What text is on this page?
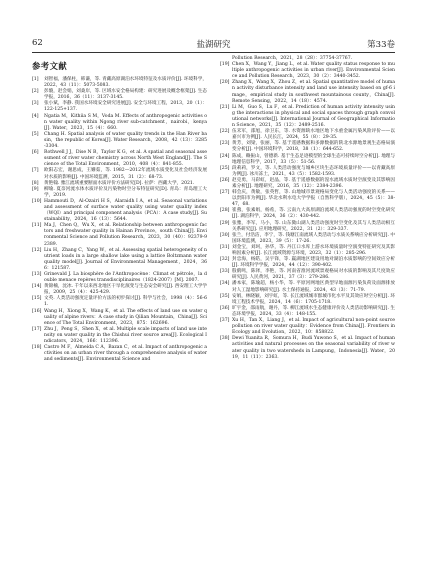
62	盐湖研究	第33卷
参考文献
[1] 刘智福，潘保柱，韩谦，等. 青藏高原湖泊水环境特征及水质评价[J]. 环境科学，2022，43（11）：5073-5083.
[2] 彭璇，赵会娟，刘桑岸，等. 区域水安全格局构建：研究进展及概念框架[J]. 生态学报，2016，36（11）：3137-3145.
[3] 张小斌，李静. 我国水环境安全研究进展[J]. 安全与环境工程，2013，20（1）：122-125+137.
[4] Ngatia M，Kithiia S M，Voda M. Effects of anthropogenic activities on water quality within Ngong river sub-catchment，nairobi，kenya[J]. Water，2023，15（4）：660.
[5] Chang H. Spatial analysis of water quality trends in the Han River basin，the republic of Korea[J]. Water Research，2008，42（13）：3285-3304.
[6] Rothwell J J，Dise N B，Taylor K G，et al. A spatial and seasonal assessment of river water chemistry across North West England[J]. The Science of the Total Environment，2010，408（4）：841-855.
[7] 欧阳志宏，谢思成，王姗茹，等. 1982—2012年流域水质变化及社会经济发展对水质的影响[J]. 中国环境监测，2015，31（2）：68-73.
[8] 黄艳翰. 雅江流域重要断面水质评价方法研究[D]. 拉萨：西藏大学，2021.
[9] 柳瑜. 夏奈河流水体水质评价及污染物时空分布特征研究[D]. 青岛：青岛理工大学，2019.
[10] Hammouti D，Al-Ozairi H S，Alaraidh I A，et al. Seasonal variations and assessment of surface water quality using water quality index（WQI）and principal component analysis（PCA）：A case study[J]. Sustainability，2024，16（13）：5644.
[11] Ma J，Chen Q，Wu X，et al. Relationship between anthropogenic factors and freshwater quality in Hainan Province，south China[J]. Environmental Science and Pollution Research，2023，30（40）：92379-92389.
[12] Liu H，Zhang C，Yang W，et al. Assessing spatial heterogeneity of nutrient loads in a large shallow lake using a lattice Boltzmann water quality model[J]. Journal of Environmental Management，2024，366：121587.
[13] Grinevald J. La biosphère de l'Anthropocène：Climat et pétrole，la double menace repères transdisciplinaires（1824-2007）[M]. 2007.
[14] 黄锦楠，沈冰. 千年以来西北地区干旱化演变与生态安全研究[J]. 西安理工大学学报，2009，25（4）：425-429.
[15] 文英. 人类活动强度定量评价方法的初步探讨[J]. 科学与社会，1998（4）：56-61.
[16] Wang H，Xiong X，Wang K，et al. The effects of land use on water quality of alpine rivers：A case study in Qilian Mountain，China[J]. Science of The Total Environment，2023，875：162696.
[17] Zhu J，Peng S，Shen X，et al. Multiple scale impacts of land use intensity on water quality in the Chishui river source area[J]. Ecological Indicators，2024，166：112396.
[18] Castro M F，Almeida C A，Bazan C，et al. Impact of anthropogenic activities on an urban river through a comprehensive analysis of water and sediments[J]. Environmental Science and
Pollution Research，2021，28（28）：37754-37767.
[19] Chen X，Wang Y，Jiang L，et al. Water quality status response to multiple anthropogenic activities in urban river[J]. Environmental Science and Pollution Research，2023，30（2）：3440-3452.
[20] Zhang X，Wang X，Zhou Z，et al. Spatial quantitative model of human activity disturbance intensity and land use intensity based on gf-6 image，empirical study in southwest mountainous county，China[J]. Remote Sensing，2022，14（18）：4574.
[21] Li M，Guo S，Lu F，et al. Prediction of human activity intensity using the interactions in physical and social spaces through graph convolutional networks[J]. International Journal of Geographical Information Science，2021，35（12）：2489-2516.
[22] 伍禾军，邵旭，徐卫东，等. 水资源缺水地区地下水重金属污染风险评价——以嘉兴市为例[J]. 人民长江，2024，55（8）：29-35.
[23] 黄芳，刘梁，张丽，等. 基于遥感数据和多源数据的陕北水源地景观生态格局演变分析[J]. 中国环境科学，2018，38（1）：644-652.
[24] 陈成，赖振山，曾德新. 基于生态足迹模型的全球生态可持续时空分析[J]. 地理与地理信息科学，2017，33（5）：51-56.
[25] 段莉莉，罗文，等. 人类活动强度与城乡区块生态环境质量评价——以青藏高原为例[J]. 冰川冻土，2021，43（5）：1582-1593.
[26] 赵克勇，马彩虹，赵晶，等. 基于遥感数据的湟水流域水质时空演变及其影响因素分析[J]. 地理研究，2016，35（12）：2384-2396.
[27] 韩会庆，黄敏，张英哲，等. 山地城市景观格局变化与人类活动强度的关系——以贵阳市为例[J]. 华北水利水电大学学报（自然科学版），2024，45（5）：38-47，68.
[28] 崔燕，张素娟，杨希，等. 云南九大高原湖泊流域人类活动强度的时空变化研究[J]. 湖泊科学，2024，36（2）：430-442.
[29] 张雅，李军，马小，等. 山东微山湖人类活动强度时空变化及其与人类活动相互关系研究[J]. 应用地理研究，2022，31（2）：329-337.
[30] 张兰，付浩洁，李宁，等. 钱塘江南流域人类活动与水质关系响应分析研究[J]. 中国环境监测，2023，39（5）：17-26.
[31] 刘金宝，刘珂，孙华，等. 丹江口水库上游水环境质量时空演变特征研究及其影响因素分析[J]. 长江流域资源与环境，2023，32（1）：285-296.
[32] 封忠海，杨皓，吴宇锋，等. 赢湖地区建设用地对湖泊水质影响的空间效应分析[J]. 环境科学学报，2024，44（12）：390-402.
[33] 殷鹤鸣，陈铎，李艳，等. 河南省淮河流域景观格局对水质的影响及其尺度效应研究[J]. 人民黄河，2021，37（3）：279-286.
[34] 潘本家，陈瑜超，杨小华，等. 平原河网地区典型早地面源污染负荷及面源排放对人工湿地影响研究[J]. 水土保持通报，2024，43（3）：71-79.
[35] 安娟，林晓颖，刘宇虹，等. 长江流域城市群城市化水平及其效应时空分析[J]. 环境工程技术学报，2024，14（6）：1705-1718.
[36] 旷宇金，邵雨航，谢丹，等. 柳江流域水生态健康评价及人类活动影响研究[J]. 生态环境学报，2024，33（4）：148-155.
[37] Xu H，Tan X，Liang J，et al. Impact of agricultural non-point source pollution on river water quality：Evidence from China[J]. Frontiers in Ecology and Evolution，2022，10：858822.
[38] Dewi Yuanita R，Somura H，Budi Yuwono S，et al. Impact of human activities and natural processes on the seasonal variability of river water quality in two watersheds in Lampung，Indonesia[J]. Water，2019，11（11）：2363.
